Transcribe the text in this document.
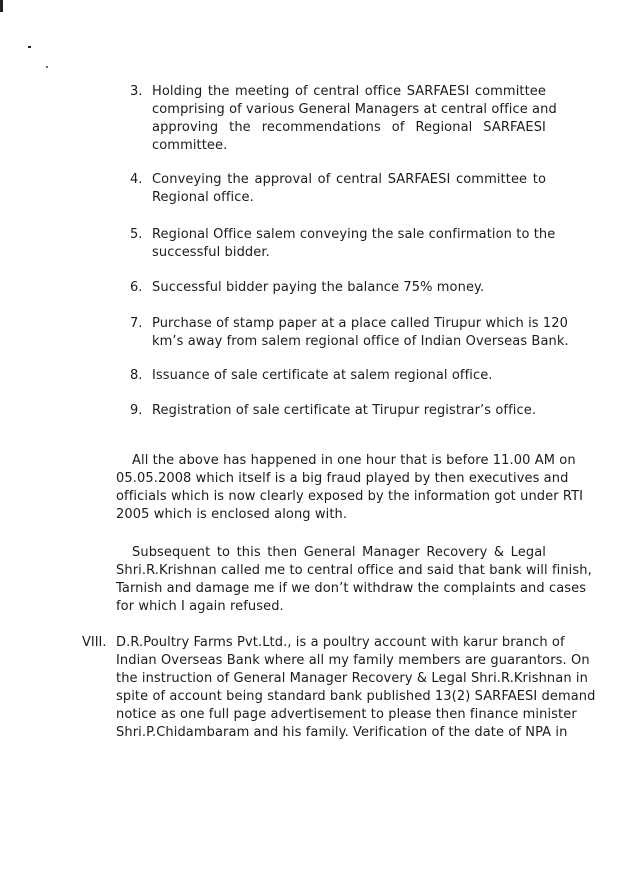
3. Holding the meeting of central office SARFAESI committee
comprising of various General Managers at central office and
approving the recommendations of Regional SARFAESI
committee.
4. Conveying the approval of central SARFAESI committee to
Regional office.
5. Regional Office salem conveying the sale confirmation to the
successful bidder.
6. Successful bidder paying the balance 75% money.
7. Purchase of stamp paper at a place called Tirupur which is 120
km’s away from salem regional office of Indian Overseas Bank.
8. Issuance of sale certificate at salem regional office.
9. Registration of sale certificate at Tirupur registrar’s office.
All the above has happened in one hour that is before 11.00 AM on
05.05.2008 which itself is a big fraud played by then executives and
officials which is now clearly exposed by the information got under RTI
2005 which is enclosed along with.
Subsequent to this then General Manager Recovery & Legal
Shri.R.Krishnan called me to central office and said that bank will finish,
Tarnish and damage me if we don’t withdraw the complaints and cases
for which I again refused.
VIII. D.R.Poultry Farms Pvt.Ltd., is a poultry account with karur branch of
Indian Overseas Bank where all my family members are guarantors. On
the instruction of General Manager Recovery & Legal Shri.R.Krishnan in
spite of account being standard bank published 13(2) SARFAESI demand
notice as one full page advertisement to please then finance minister
Shri.P.Chidambaram and his family. Verification of the date of NPA in
